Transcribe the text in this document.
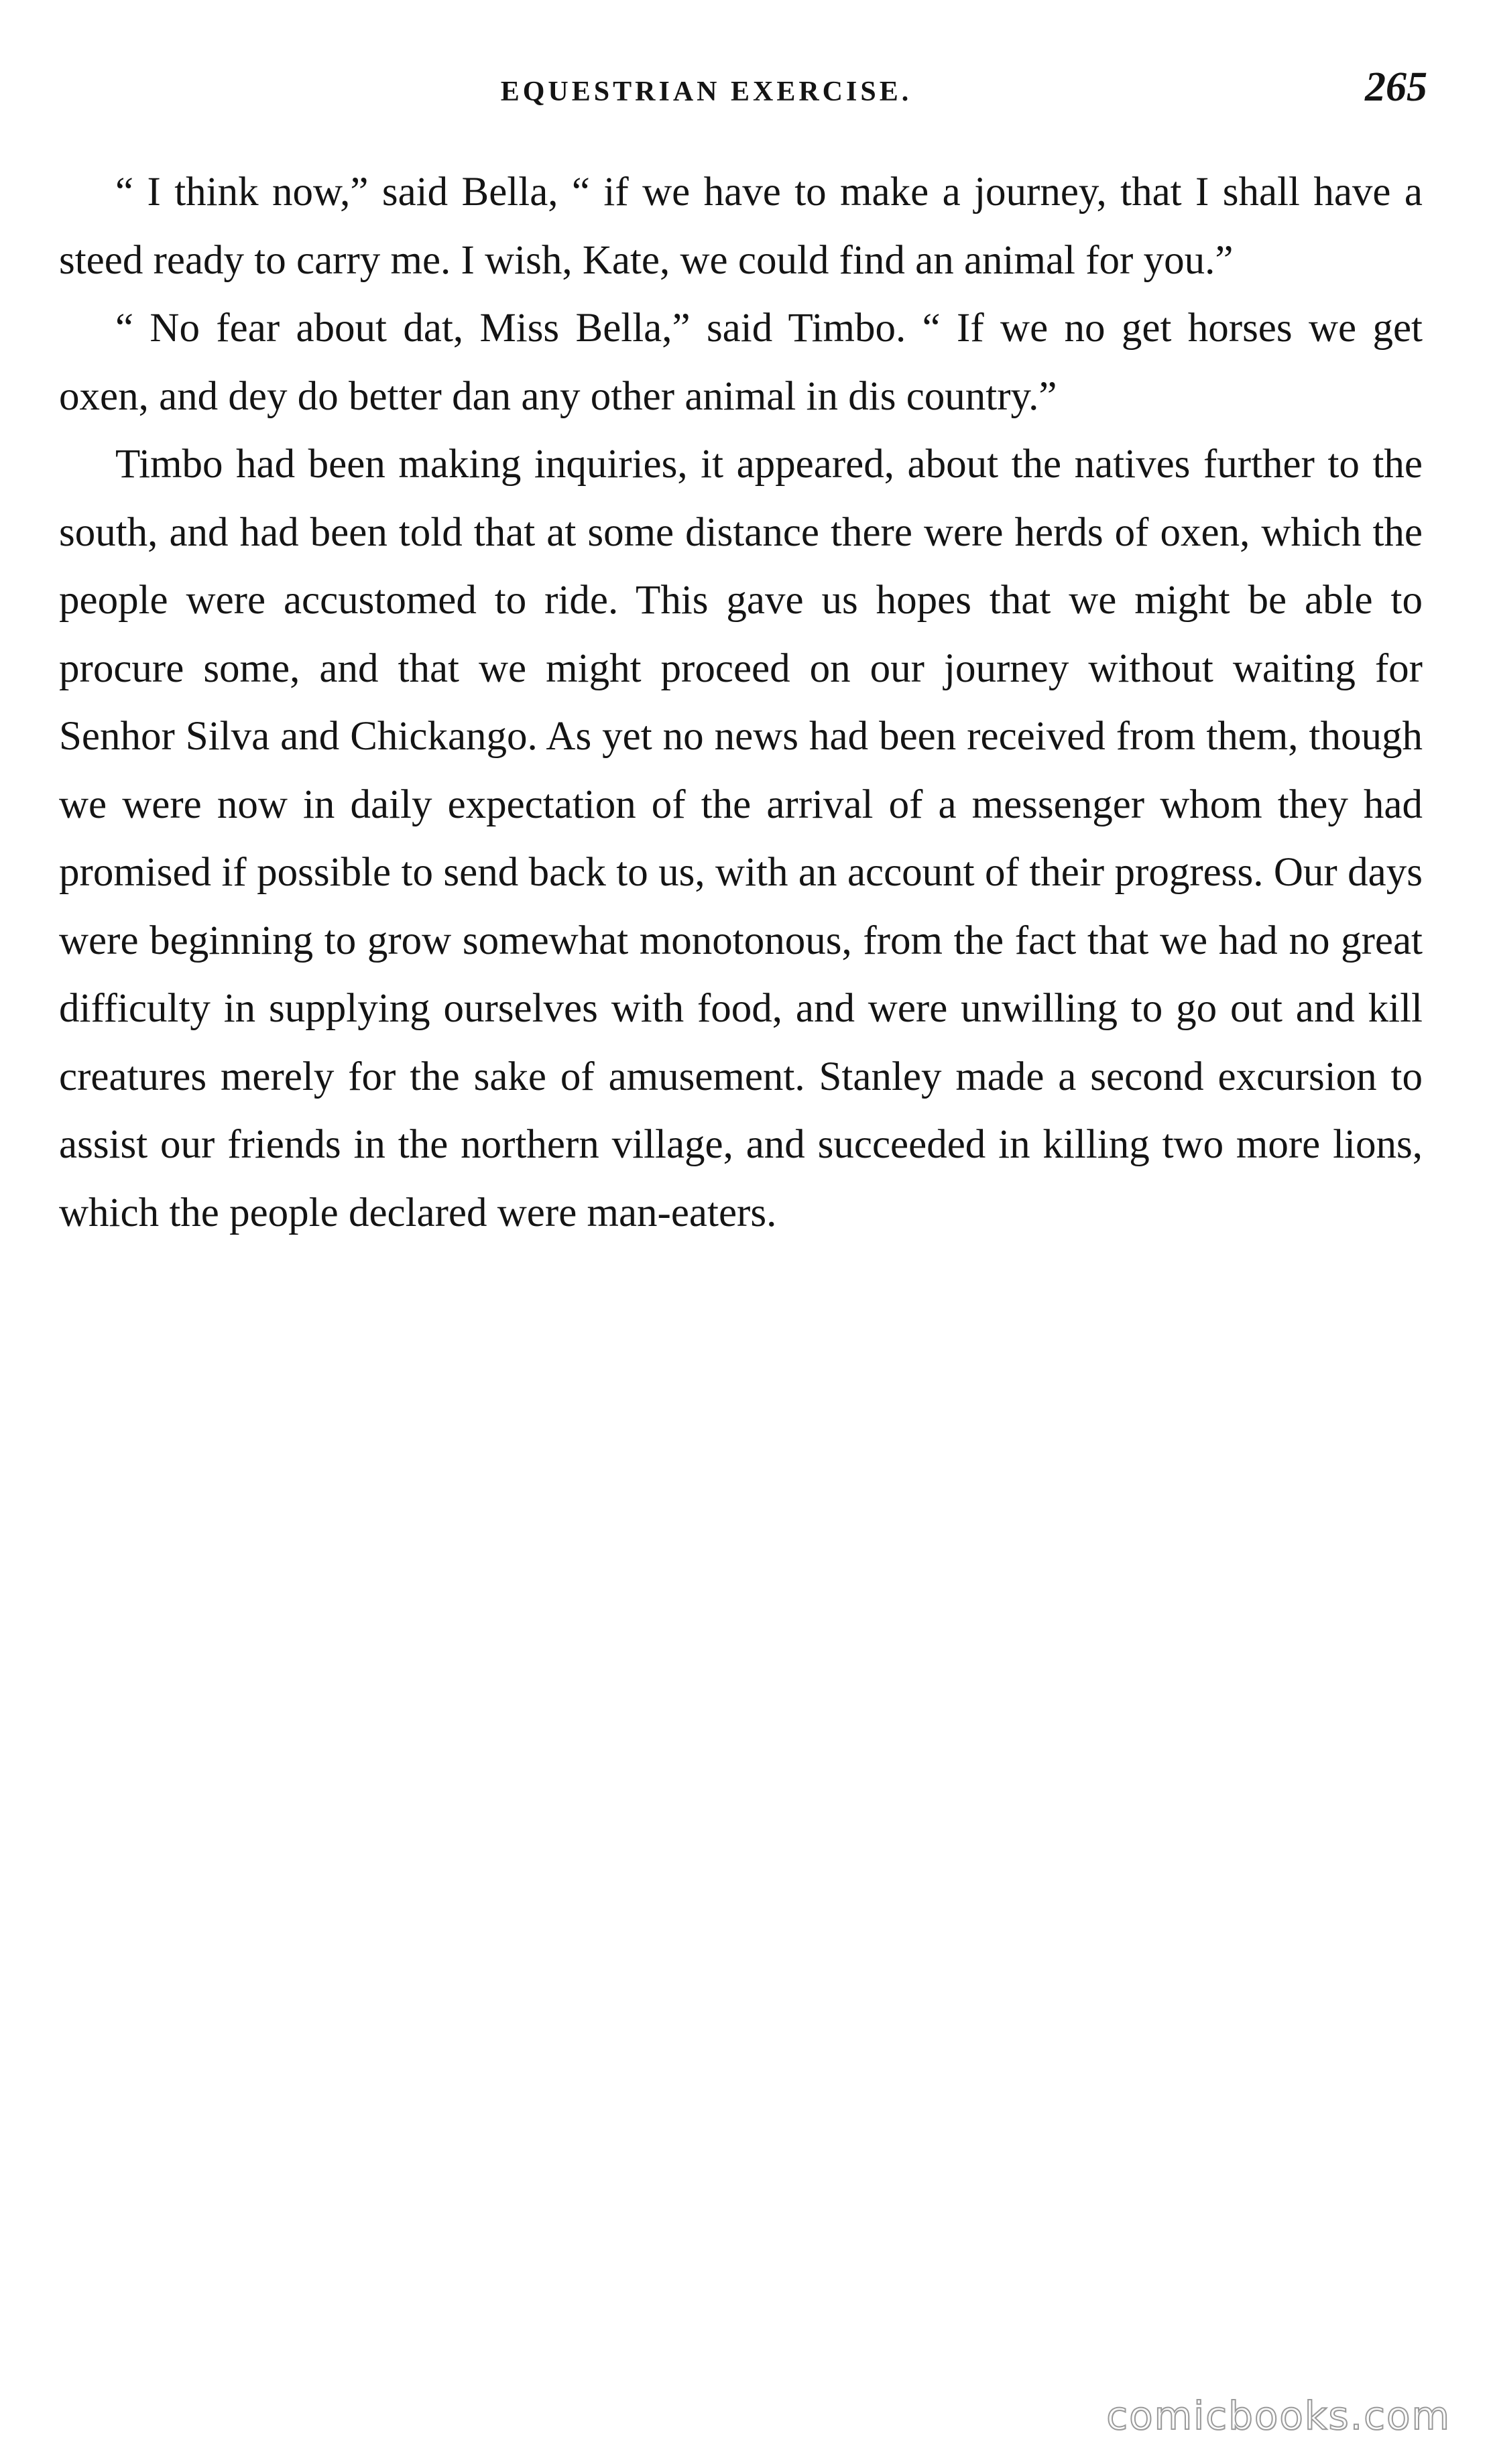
EQUESTRIAN EXERCISE.	265

“ I think now,” said Bella, “ if we have to make a journey, that I shall have a steed ready to carry me. I wish, Kate, we could find an animal for you.”

“ No fear about dat, Miss Bella,” said Timbo. “ If we no get horses we get oxen, and dey do better dan any other animal in dis country.”

Timbo had been making inquiries, it appeared, about the natives further to the south, and had been told that at some distance there were herds of oxen, which the people were accustomed to ride. This gave us hopes that we might be able to procure some, and that we might proceed on our journey without waiting for Senhor Silva and Chickango. As yet no news had been received from them, though we were now in daily expectation of the arrival of a messenger whom they had promised if possible to send back to us, with an account of their progress. Our days were beginning to grow somewhat monotonous, from the fact that we had no great difficulty in supplying ourselves with food, and were unwilling to go out and kill creatures merely for the sake of amusement. Stanley made a second excursion to assist our friends in the northern village, and succeeded in killing two more lions, which the people declared were man-eaters.

comicbooks.com
